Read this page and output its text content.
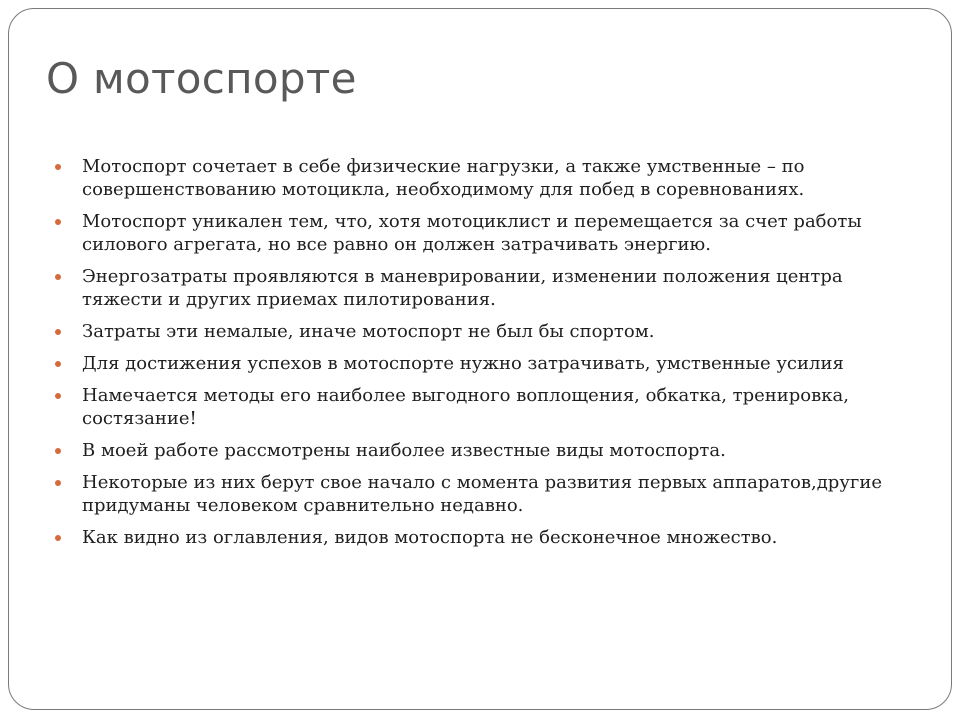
О мотоспорте
Мотоспорт сочетает в себе физические нагрузки, а также умственные – по совершенствованию мотоцикла, необходимому для побед в соревнованиях.
Мотоспорт уникален тем, что, хотя мотоциклист и перемещается за счет работы силового агрегата, но все равно он должен затрачивать энергию.
Энергозатраты проявляются в маневрировании, изменении положения центра тяжести и других приемах пилотирования.
Затраты эти немалые, иначе мотоспорт не был бы спортом.
Для достижения успехов в мотоспорте нужно затрачивать, умственные усилия
Намечается методы его наиболее выгодного воплощения, обкатка, тренировка, состязание!
В моей работе рассмотрены наиболее известные виды мотоспорта.
Некоторые из них берут свое начало с момента развития первых аппаратов,другие придуманы человеком сравнительно недавно.
Как видно из оглавления, видов мотоспорта не бесконечное множество.
